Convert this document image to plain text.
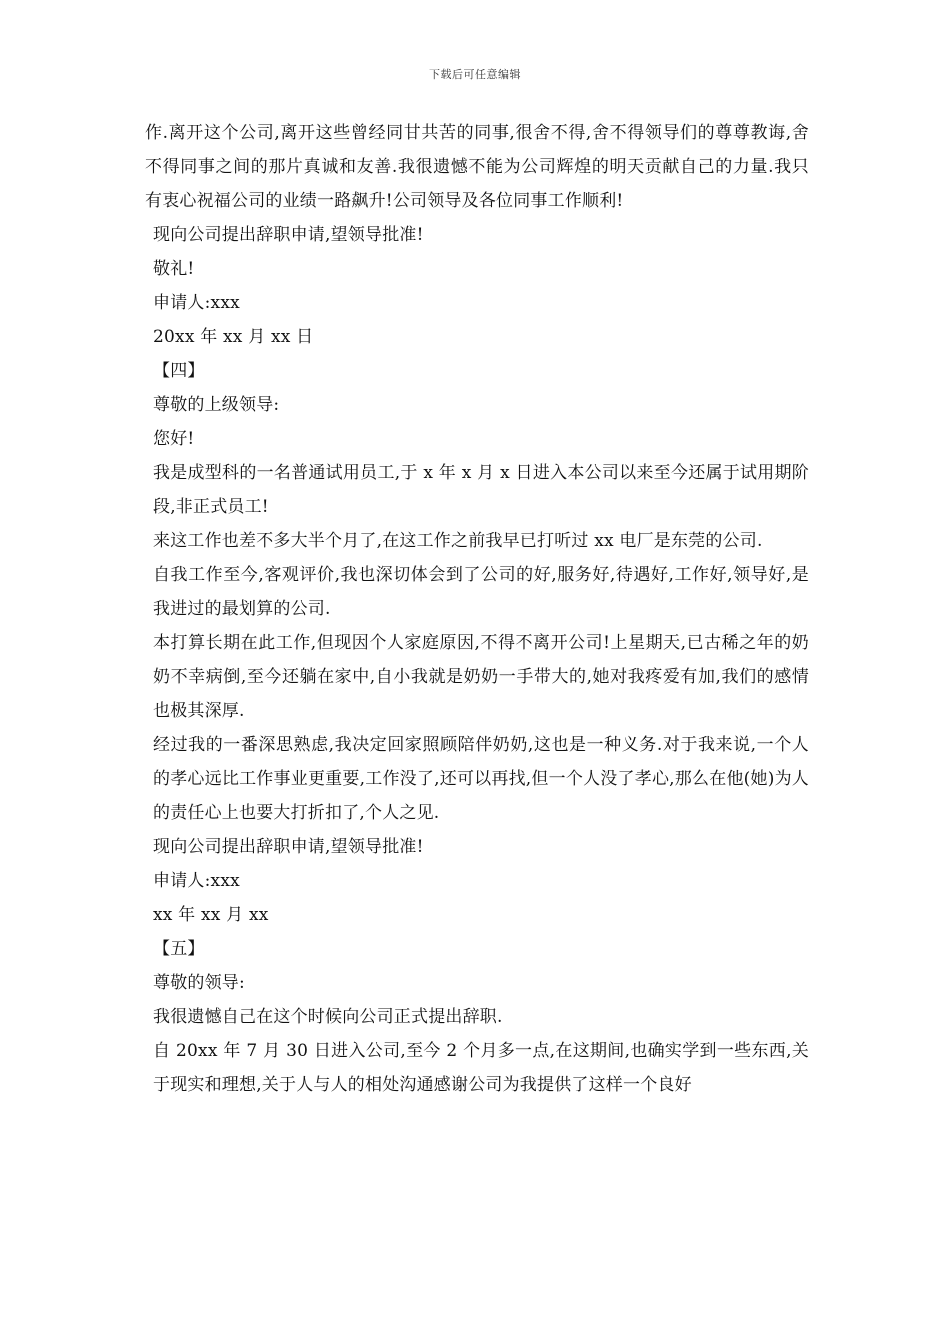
下载后可任意编辑

作.离开这个公司,离开这些曾经同甘共苦的同事,很舍不得,舍不得领导们的尊尊教诲,舍不得同事之间的那片真诚和友善.我很遗憾不能为公司辉煌的明天贡献自己的力量.我只有衷心祝福公司的业绩一路飙升!公司领导及各位同事工作顺利!

现向公司提出辞职申请,望领导批准!

敬礼!

申请人:xxx

20xx 年 xx 月 xx 日

【四】

尊敬的上级领导:

您好!

我是成型科的一名普通试用员工,于 x 年 x 月 x 日进入本公司以来至今还属于试用期阶段,非正式员工!

来这工作也差不多大半个月了,在这工作之前我早已打听过 xx 电厂是东莞的公司.

自我工作至今,客观评价,我也深切体会到了公司的好,服务好,待遇好,工作好,领导好,是我进过的最划算的公司.

本打算长期在此工作,但现因个人家庭原因,不得不离开公司!上星期天,已古稀之年的奶奶不幸病倒,至今还躺在家中,自小我就是奶奶一手带大的,她对我疼爱有加,我们的感情也极其深厚.

经过我的一番深思熟虑,我决定回家照顾陪伴奶奶,这也是一种义务.对于我来说,一个人的孝心远比工作事业更重要,工作没了,还可以再找,但一个人没了孝心,那么在他(她)为人的责任心上也要大打折扣了,个人之见.

现向公司提出辞职申请,望领导批准!

申请人:xxx

xx 年 xx 月 xx

【五】

尊敬的领导:

我很遗憾自己在这个时候向公司正式提出辞职.

自 20xx 年 7 月 30 日进入公司,至今 2 个月多一点,在这期间,也确实学到一些东西,关于现实和理想,关于人与人的相处沟通感谢公司为我提供了这样一个良好
